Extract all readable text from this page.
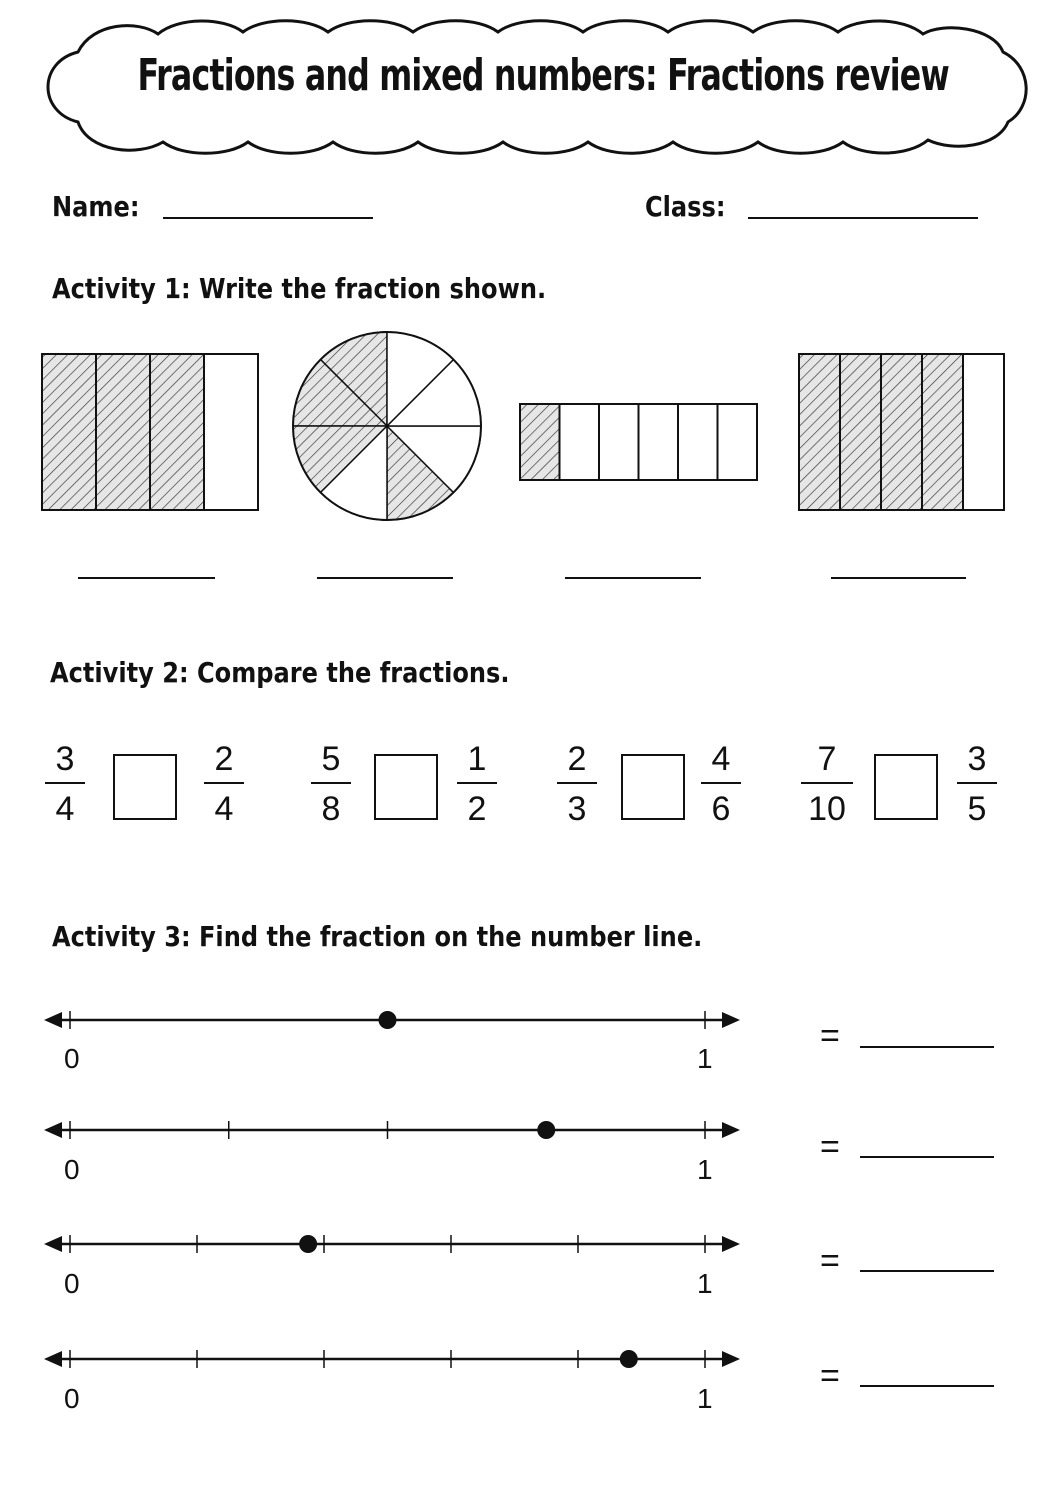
Fractions and mixed numbers: Fractions review
Name:	Class:
Activity 1: Write the fraction shown.
Activity 2: Compare the fractions.
3
4
2
4
5
8
1
2
2
3
4
6
7
10
3
5
Activity 3: Find the fraction on the number line.
0	1
=
0	1
=
0	1
=
0	1
=
